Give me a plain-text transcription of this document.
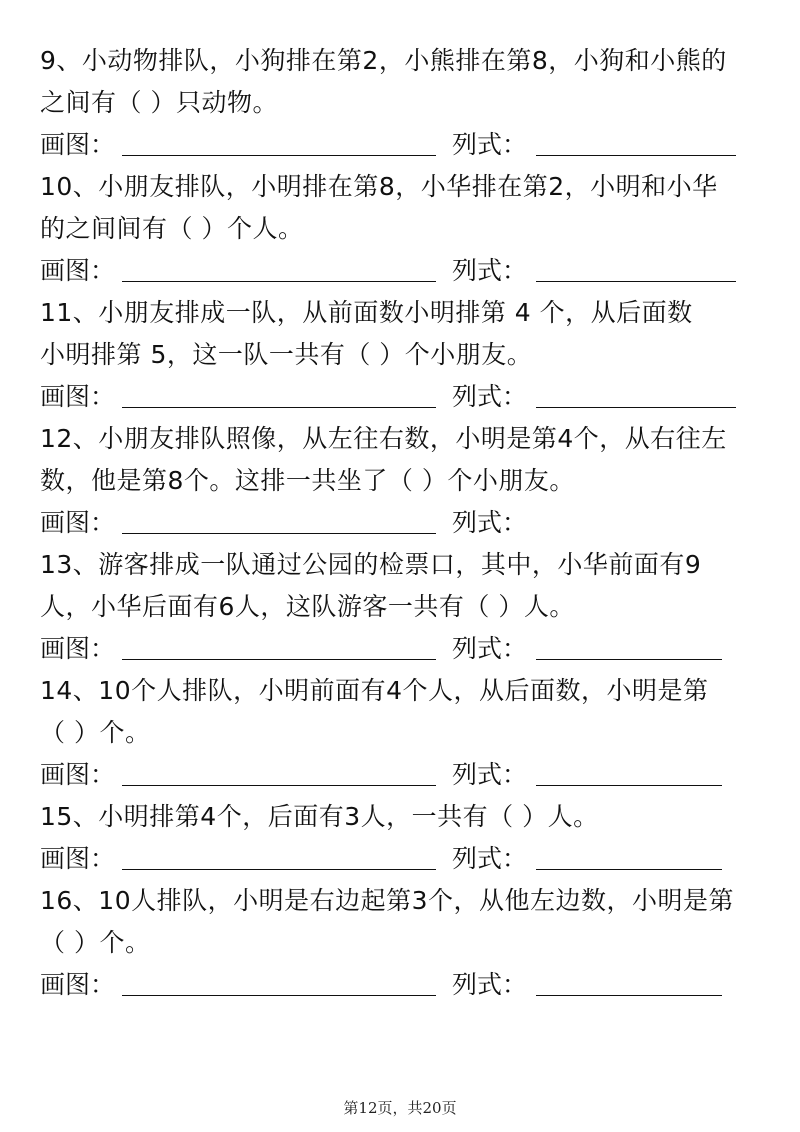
9、小动物排队，小狗排在第2，小熊排在第8，小狗和小熊的
之间有（ ）只动物。
画图：	列式：
10、小朋友排队，小明排在第8，小华排在第2，小明和小华
的之间间有（ ）个人。
画图：	列式：
11、小朋友排成一队，从前面数小明排第 4 个，从后面数
小明排第 5，这一队一共有（ ）个小朋友。
画图：	列式：
12、小朋友排队照像，从左往右数，小明是第4个，从右往左
数，他是第8个。这排一共坐了（ ）个小朋友。
画图：	列式：
13、游客排成一队通过公园的检票口，其中，小华前面有9
人，小华后面有6人，这队游客一共有（ ）人。
画图：	列式：
14、10个人排队，小明前面有4个人，从后面数，小明是第
（ ）个。
画图：	列式：
15、小明排第4个，后面有3人，一共有（ ）人。
画图：	列式：
16、10人排队，小明是右边起第3个，从他左边数，小明是第
（ ）个。
画图：	列式：
第12页，共20页
